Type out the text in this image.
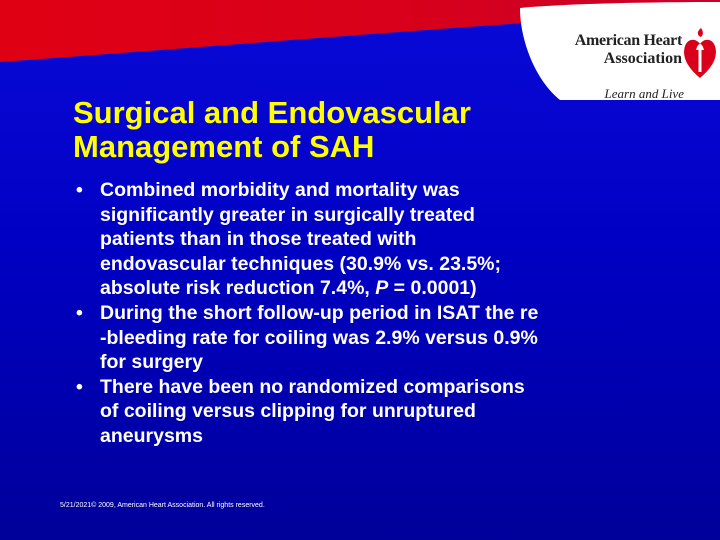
American Heart
Association
Learn and Live
Surgical and Endovascular
Management of SAH
• Combined morbidity and mortality was
significantly greater in surgically treated
patients than in those treated with
endovascular techniques (30.9% vs. 23.5%;
absolute risk reduction 7.4%, P = 0.0001)
• During the short follow-up period in ISAT the re
-bleeding rate for coiling was 2.9% versus 0.9%
for surgery
• There have been no randomized comparisons
of coiling versus clipping for unruptured
aneurysms
5/21/2021© 2009, American Heart Association. All rights reserved.
